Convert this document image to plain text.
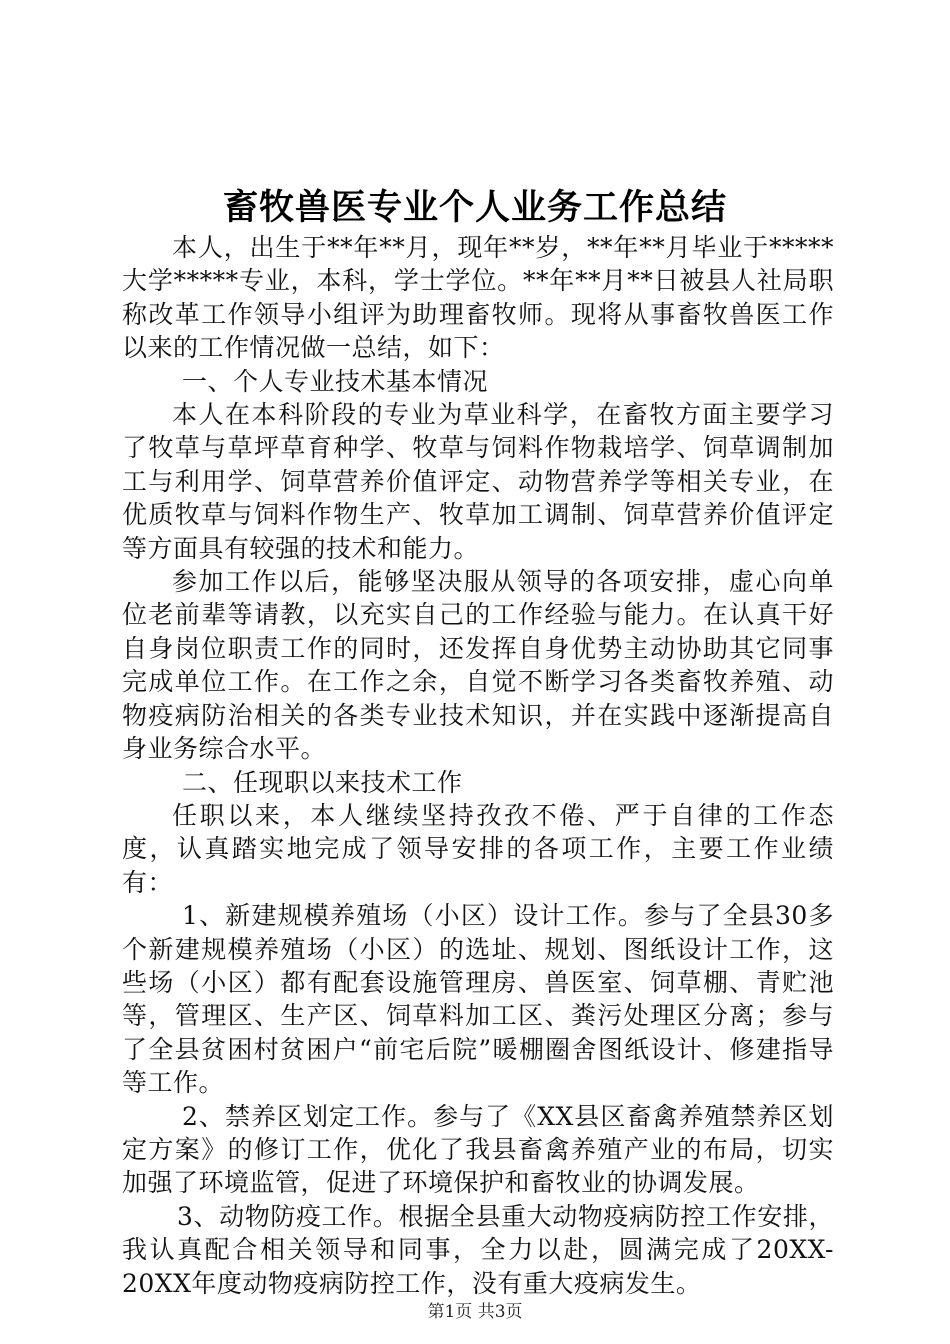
畜牧兽医专业个人业务工作总结

本人，出生于**年**月，现年**岁，**年**月毕业于*****大学*****专业，本科，学士学位。**年**月**日被县人社局职称改革工作领导小组评为助理畜牧师。现将从事畜牧兽医工作以来的工作情况做一总结，如下：

一、个人专业技术基本情况

本人在本科阶段的专业为草业科学，在畜牧方面主要学习了牧草与草坪草育种学、牧草与饲料作物栽培学、饲草调制加工与利用学、饲草营养价值评定、动物营养学等相关专业，在优质牧草与饲料作物生产、牧草加工调制、饲草营养价值评定等方面具有较强的技术和能力。

参加工作以后，能够坚决服从领导的各项安排，虚心向单位老前辈等请教，以充实自己的工作经验与能力。在认真干好自身岗位职责工作的同时，还发挥自身优势主动协助其它同事完成单位工作。在工作之余，自觉不断学习各类畜牧养殖、动物疫病防治相关的各类专业技术知识，并在实践中逐渐提高自身业务综合水平。

二、任现职以来技术工作

任职以来，本人继续坚持孜孜不倦、严于自律的工作态度，认真踏实地完成了领导安排的各项工作，主要工作业绩有：

1、新建规模养殖场（小区）设计工作。参与了全县30多个新建规模养殖场（小区）的选址、规划、图纸设计工作，这些场（小区）都有配套设施管理房、兽医室、饲草棚、青贮池等，管理区、生产区、饲草料加工区、粪污处理区分离；参与了全县贫困村贫困户“前宅后院”暖棚圈舍图纸设计、修建指导等工作。

2、禁养区划定工作。参与了《XX县区畜禽养殖禁养区划定方案》的修订工作，优化了我县畜禽养殖产业的布局，切实加强了环境监管，促进了环境保护和畜牧业的协调发展。

3、动物防疫工作。根据全县重大动物疫病防控工作安排，我认真配合相关领导和同事，全力以赴，圆满完成了20XX-20XX年度动物疫病防控工作，没有重大疫病发生。

第1页 共3页
